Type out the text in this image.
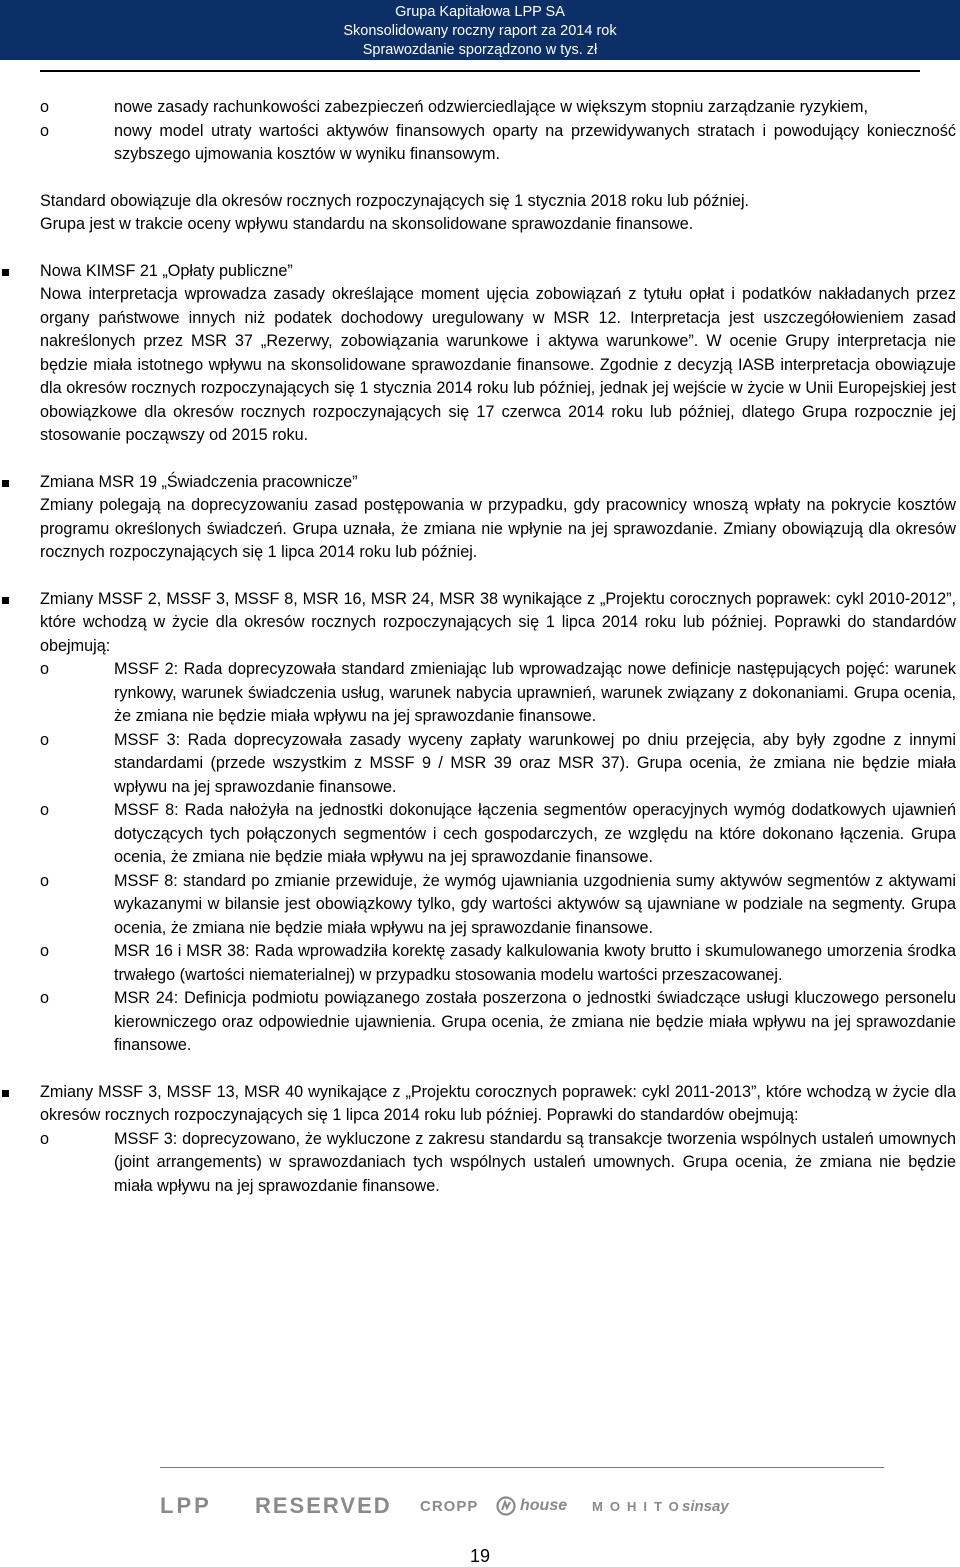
Grupa Kapitałowa LPP SA
Skonsolidowany roczny raport za 2014 rok
Sprawozdanie sporządzono w tys. zł
o	nowe zasady rachunkowości zabezpieczeń odzwierciedlające w większym stopniu zarządzanie ryzykiem,
o	nowy model utraty wartości aktywów finansowych oparty na przewidywanych stratach i powodujący konieczność szybszego ujmowania kosztów w wyniku finansowym.

Standard obowiązuje dla okresów rocznych rozpoczynających się 1 stycznia 2018 roku lub później.

Grupa jest w trakcie oceny wpływu standardu na skonsolidowane sprawozdanie finansowe.

Nowa KIMSF 21 „Opłaty publiczne”
Nowa interpretacja wprowadza zasady określające moment ujęcia zobowiązań z tytułu opłat i podatków nakładanych przez organy państwowe innych niż podatek dochodowy uregulowany w MSR 12. Interpretacja jest uszczegółowieniem zasad nakreślonych przez MSR 37 „Rezerwy, zobowiązania warunkowe i aktywa warunkowe”. W ocenie Grupy interpretacja nie będzie miała istotnego wpływu na skonsolidowane sprawozdanie finansowe. Zgodnie z decyzją IASB interpretacja obowiązuje dla okresów rocznych rozpoczynających się 1 stycznia 2014 roku lub później, jednak jej wejście w życie w Unii Europejskiej jest obowiązkowe dla okresów rocznych rozpoczynających się 17 czerwca 2014 roku lub później, dlatego Grupa rozpocznie jej stosowanie począwszy od 2015 roku.
Zmiana MSR 19 „Świadczenia pracownicze”
Zmiany polegają na doprecyzowaniu zasad postępowania w przypadku, gdy pracownicy wnoszą wpłaty na pokrycie kosztów programu określonych świadczeń. Grupa uznała, że zmiana nie wpłynie na jej sprawozdanie. Zmiany obowiązują dla okresów rocznych rozpoczynających się 1 lipca 2014 roku lub później.
Zmiany MSSF 2, MSSF 3, MSSF 8, MSR 16, MSR 24, MSR 38 wynikające z „Projektu corocznych poprawek: cykl 2010-2012”, które wchodzą w życie dla okresów rocznych rozpoczynających się 1 lipca 2014 roku lub później. Poprawki do standardów obejmują:
o	MSSF 2: Rada doprecyzowała standard zmieniając lub wprowadzając nowe definicje następujących pojęć: warunek rynkowy, warunek świadczenia usług, warunek nabycia uprawnień, warunek związany z dokonaniami. Grupa ocenia, że zmiana nie będzie miała wpływu na jej sprawozdanie finansowe.
o	MSSF 3: Rada doprecyzowała zasady wyceny zapłaty warunkowej po dniu przejęcia, aby były zgodne z innymi standardami (przede wszystkim z MSSF 9 / MSR 39 oraz MSR 37). Grupa ocenia, że zmiana nie będzie miała wpływu na jej sprawozdanie finansowe.
o	MSSF 8: Rada nałożyła na jednostki dokonujące łączenia segmentów operacyjnych wymóg dodatkowych ujawnień dotyczących tych połączonych segmentów i cech gospodarczych, ze względu na które dokonano łączenia. Grupa ocenia, że zmiana nie będzie miała wpływu na jej sprawozdanie finansowe.
o	MSSF 8: standard po zmianie przewiduje, że wymóg ujawniania uzgodnienia sumy aktywów segmentów z aktywami wykazanymi w bilansie jest obowiązkowy tylko, gdy wartości aktywów są ujawniane w podziale na segmenty. Grupa ocenia, że zmiana nie będzie miała wpływu na jej sprawozdanie finansowe.
o	MSR 16 i MSR 38: Rada wprowadziła korektę zasady kalkulowania kwoty brutto i skumulowanego umorzenia środka trwałego (wartości niematerialnej) w przypadku stosowania modelu wartości przeszacowanej.
o	MSR 24: Definicja podmiotu powiązanego została poszerzona o jednostki świadczące usługi kluczowego personelu kierowniczego oraz odpowiednie ujawnienia. Grupa ocenia, że zmiana nie będzie miała wpływu na jej sprawozdanie finansowe.
Zmiany MSSF 3, MSSF 13, MSR 40 wynikające z „Projektu corocznych poprawek: cykl 2011-2013”, które wchodzą w życie dla okresów rocznych rozpoczynających się 1 lipca 2014 roku lub później. Poprawki do standardów obejmują:
o	MSSF 3: doprecyzowano, że wykluczone z zakresu standardu są transakcje tworzenia wspólnych ustaleń umownych (joint arrangements) w sprawozdaniach tych wspólnych ustaleń umownych. Grupa ocenia, że zmiana nie będzie miała wpływu na jej sprawozdanie finansowe.
LPP RESERVED CROPP	house MOHITO
sinsay
19
